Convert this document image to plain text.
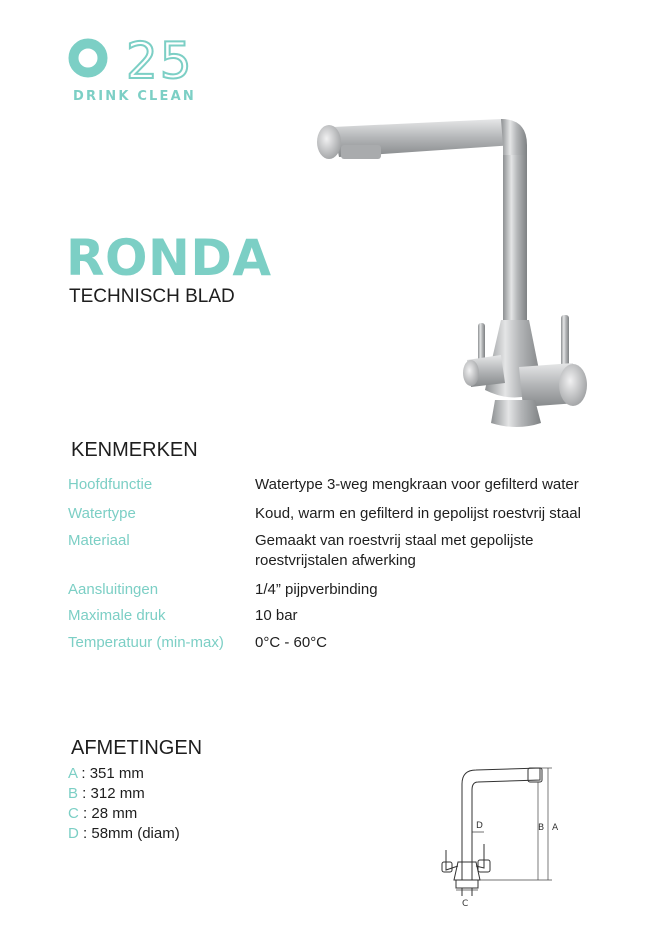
25
DRINK CLEAN
RONDA
TECHNISCH BLAD
KENMERKEN
Hoofdfunctie	Watertype 3-weg mengkraan voor gefilterd water
Watertype	Koud, warm en gefilterd in gepolijst roestvrij staal
Materiaal	Gemaakt van roestvrij staal met gepolijste
roestvrijstalen afwerking
Aansluitingen	1/4” pijpverbinding
Maximale druk	10 bar
Temperatuur (min-max) 0°C - 60°C
AFMETINGEN
A : 351 mm
B : 312 mm
C : 28 mm
D : 58mm (diam)	D	B A
C
